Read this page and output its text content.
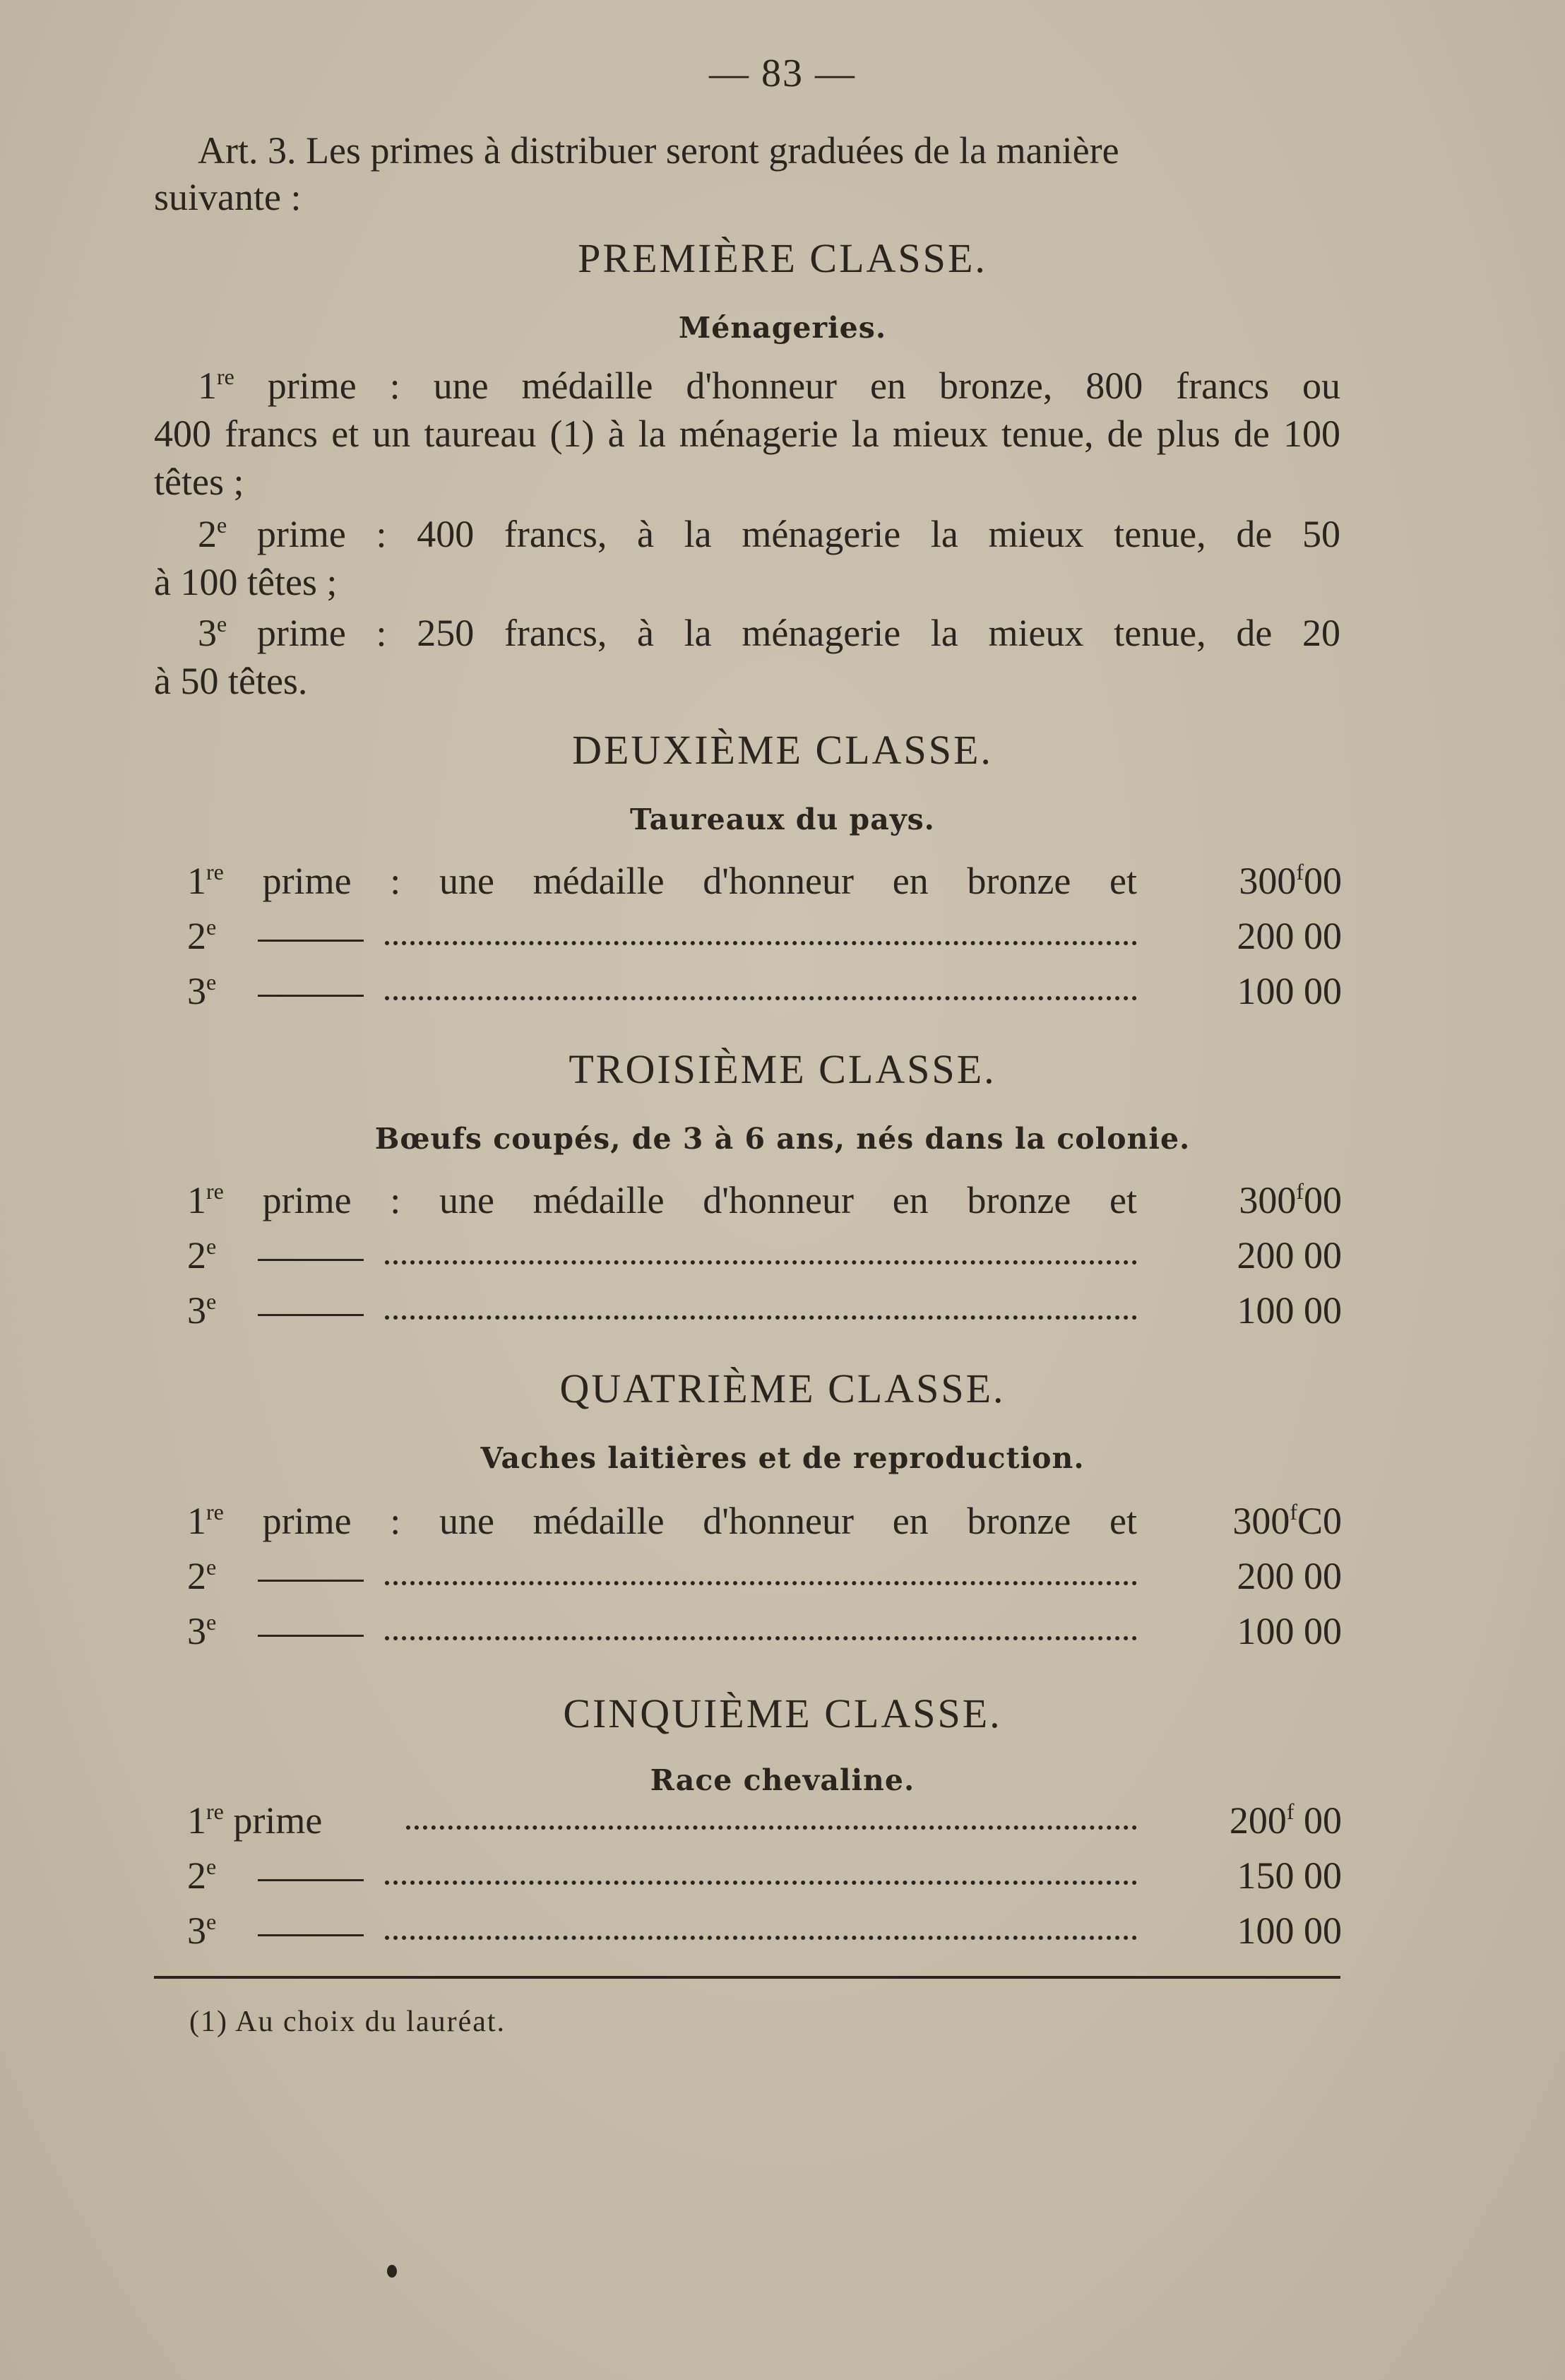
— 83 —
Art. 3. Les primes à distribuer seront graduées de la manière
suivante :
PREMIÈRE CLASSE.
Ménageries.
1re prime : une médaille d'honneur en bronze, 800 francs ou
400 francs et un taureau (1) à la ménagerie la mieux tenue, de plus de 100 têtes ;
2e prime : 400 francs, à la ménagerie la mieux tenue, de 50
à 100 têtes ;
3e prime : 250 francs, à la ménagerie la mieux tenue, de 20
à 50 têtes.
DEUXIÈME CLASSE.
Taureaux du pays.
1re prime : une médaille d'honneur en bronze et	300$^f$00
2e	200 00
3e	100 00
TROISIÈME CLASSE.
Bœufs coupés, de 3 à 6 ans, nés dans la colonie.
1re prime : une médaille d'honneur en bronze et	300$^f$00
2e	200 00
3e	100 00
QUATRIÈME CLASSE.
Vaches laitières et de reproduction.
1re prime : une médaille d'honneur en bronze et	300$^f$C0
2e	200 00
3e	100 00
CINQUIÈME CLASSE.
Race chevaline.
1re prime	200$^f$ 00
2e	150 00
3e	100 00
(1) Au choix du lauréat.
